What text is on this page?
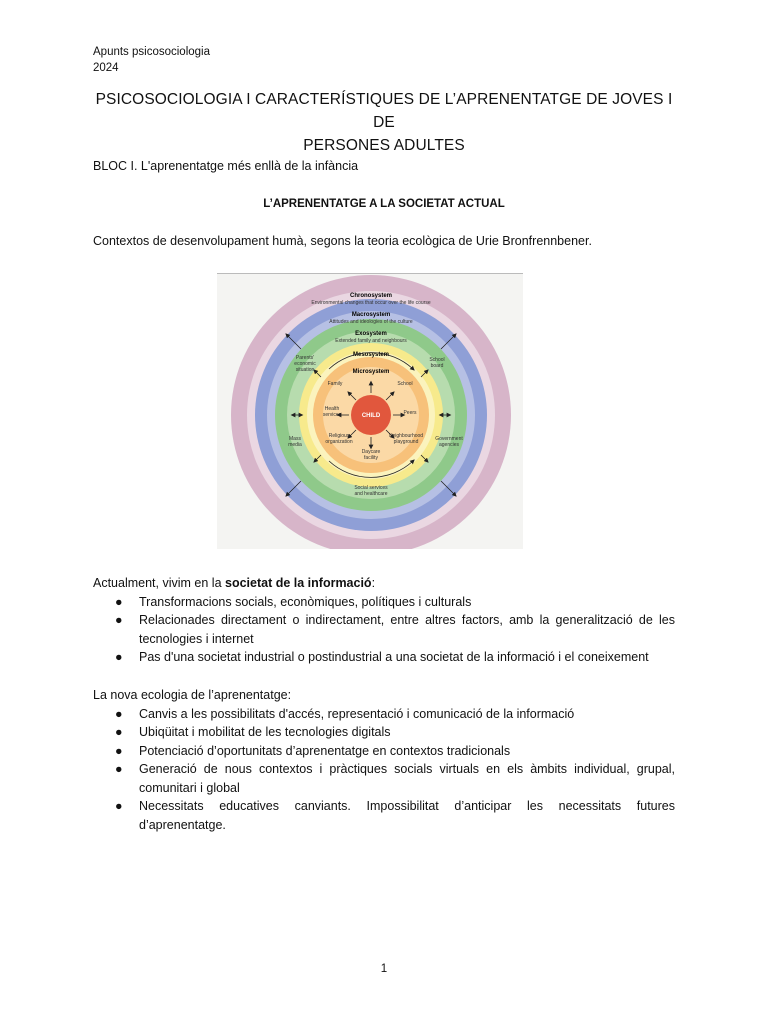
Apunts psicosociologia
2024
PSICOSOCIOLOGIA I CARACTERÍSTIQUES DE L’APRENENTATGE DE JOVES I DE
PERSONES ADULTES
BLOC I. L'aprenentatge més enllà de la infància
L’APRENENTATGE A LA SOCIETAT ACTUAL
Contextos de desenvolupament humà, segons la teoria ecològica de Urie Bronfrennbener.
Chronosystem
Environmental changes that occur over the life course
Macrosystem
Attitudes and ideologies of the culture
Exosystem
Extended family and neighbours
Mesosystem
Microsystem
CHILD
Parents'
economic
situation
School
board
Family	School
Health
services	Peers
Religious
organization
Neighbourhood
playground
Daycare
facility
Mass
media
Government
agencies
Social services
and healthcare

Actualment, vivim en la societat de la informació:

● Transformacions socials, econòmiques, polítiques i culturals
● Relacionades directament o indirectament, entre altres factors, amb la generalització de les tecnologies i internet
● Pas d'una societat industrial o postindustrial a una societat de la informació i el coneixement

La nova ecologia de l’aprenentatge:

● Canvis a les possibilitats d'accés, representació i comunicació de la informació
● Ubiqüitat i mobilitat de les tecnologies digitals
● Potenciació d’oportunitats d’aprenentatge en contextos tradicionals
● Generació de nous contextos i pràctiques socials virtuals en els àmbits individual, grupal, comunitari i global
● Necessitats educatives canviants. Impossibilitat d’anticipar les necessitats futures d’aprenentatge.
1
